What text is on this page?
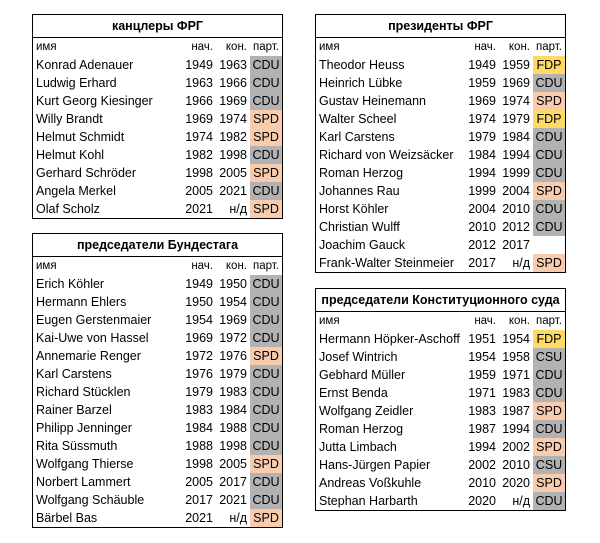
канцлеры ФРГ
имя	нач.	кон. парт.
Konrad Adenauer	1949 1963 CDU
Ludwig Erhard	1963 1966 CDU
Kurt Georg Kiesinger	1966 1969 CDU
Willy Brandt	1969 1974 SPD
Helmut Schmidt	1974 1982 SPD
Helmut Kohl	1982 1998 CDU
Gerhard Schröder	1998 2005 SPD
Angela Merkel	2005 2021 CDU
Olaf Scholz	2021	н/д SPD
президенты ФРГ
имя	нач.	кон. парт.
Theodor Heuss	1949 1959 FDP
Heinrich Lübke	1959 1969 CDU
Gustav Heinemann	1969 1974 SPD
Walter Scheel	1974 1979 FDP
Karl Carstens	1979 1984 CDU
Richard von Weizsäcker	1984 1994 CDU
Roman Herzog	1994 1999 CDU
Johannes Rau	1999 2004 SPD
Horst Köhler	2004 2010 CDU
Christian Wulff	2010 2012 CDU
Joachim Gauck	2012 2017
Frank-Walter Steinmeier	2017	н/д SPD
председатели Бундестага
имя	нач.	кон. парт.
Erich Köhler	1949 1950 CDU
Hermann Ehlers	1950 1954 CDU
Eugen Gerstenmaier	1954 1969 CDU
Kai-Uwe von Hassel	1969 1972 CDU
Annemarie Renger	1972 1976 SPD
Karl Carstens	1976 1979 CDU
Richard Stücklen	1979 1983 CDU
Rainer Barzel	1983 1984 CDU
Philipp Jenninger	1984 1988 CDU
Rita Süssmuth	1988 1998 CDU
Wolfgang Thierse	1998 2005 SPD
Norbert Lammert	2005 2017 CDU
Wolfgang Schäuble	2017 2021 CDU
Bärbel Bas	2021	н/д SPD
председатели Конституционного суда
имя	нач.	кон. парт.
Hermann Höpker-Aschoff 1951 1954 FDP
Josef Wintrich	1954 1958 CSU
Gebhard Müller	1959 1971 CDU
Ernst Benda	1971 1983 CDU
Wolfgang Zeidler	1983 1987 SPD
Roman Herzog	1987 1994 CDU
Jutta Limbach	1994 2002 SPD
Hans-Jürgen Papier	2002 2010 CSU
Andreas Voßkuhle	2010 2020 SPD
Stephan Harbarth	2020	н/д CDU
